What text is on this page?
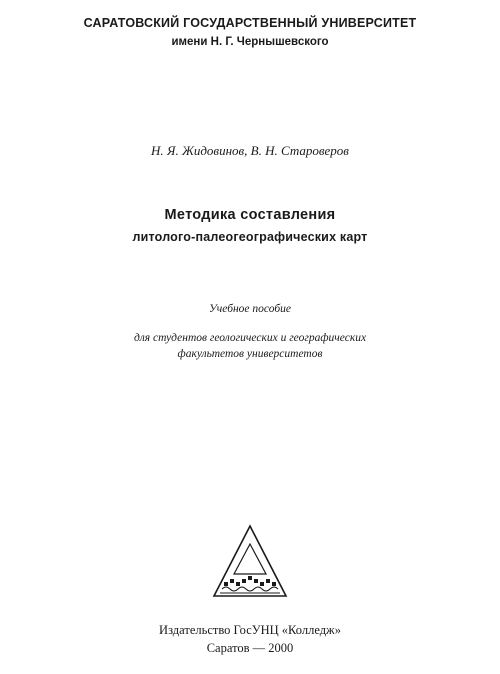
САРАТОВСКИЙ ГОСУДАРСТВЕННЫЙ УНИВЕРСИТЕТ
имени Н. Г. Чернышевского
Н. Я. Жидовинов, В. Н. Староверов
Методика составления
литолого-палеогеографических карт
Учебное пособие
для студентов геологических и географических
факультетов университетов
Издательство ГосУНЦ «Колледж»
Саратов — 2000
